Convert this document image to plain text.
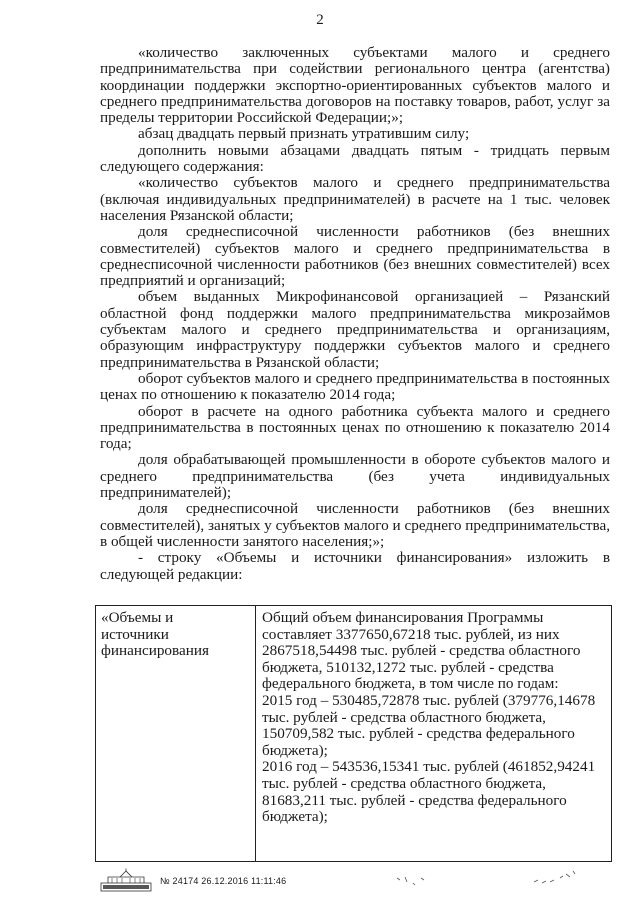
2

«количество заключенных субъектами малого и среднего предпринимательства при содействии регионального центра (агентства) координации поддержки экспортно-ориентированных субъектов малого и среднего предпринимательства договоров на поставку товаров, работ, услуг за пределы территории Российской Федерации;»;

абзац двадцать первый признать утратившим силу;

дополнить новыми абзацами двадцать пятым - тридцать первым следующего содержания:

«количество субъектов малого и среднего предпринимательства (включая индивидуальных предпринимателей) в расчете на 1 тыс. человек населения Рязанской области;

доля среднесписочной численности работников (без внешних совместителей) субъектов малого и среднего предпринимательства в среднесписочной численности работников (без внешних совместителей) всех предприятий и организаций;

объем выданных Микрофинансовой организацией – Рязанский областной фонд поддержки малого предпринимательства микрозаймов субъектам малого и среднего предпринимательства и организациям, образующим инфраструктуру поддержки субъектов малого и среднего предпринимательства в Рязанской области;

оборот субъектов малого и среднего предпринимательства в постоянных ценах по отношению к показателю 2014 года;

оборот в расчете на одного работника субъекта малого и среднего предпринимательства в постоянных ценах по отношению к показателю 2014 года;

доля обрабатывающей промышленности в обороте субъектов малого и среднего предпринимательства (без учета индивидуальных предпринимателей);

доля среднесписочной численности работников (без внешних совместителей), занятых у субъектов малого и среднего предпринимательства, в общей численности занятого населения;»;

- строку «Объемы и источники финансирования» изложить в следующей редакции:

«Объемы и
источники
финансирования
Общий объем финансирования Программы
составляет 3377650,67218 тыс. рублей, из них
2867518,54498 тыс. рублей - средства областного
бюджета, 510132,1272 тыс. рублей - средства
федерального бюджета, в том числе по годам:
2015 год – 530485,72878 тыс. рублей (379776,14678
тыс. рублей - средства областного бюджета,
150709,582 тыс. рублей - средства федерального
бюджета);
2016 год – 543536,15341 тыс. рублей (461852,94241
тыс. рублей - средства областного бюджета,
81683,211 тыс. рублей - средства федерального
бюджета);
№ 24174 26.12.2016 11:11:46
